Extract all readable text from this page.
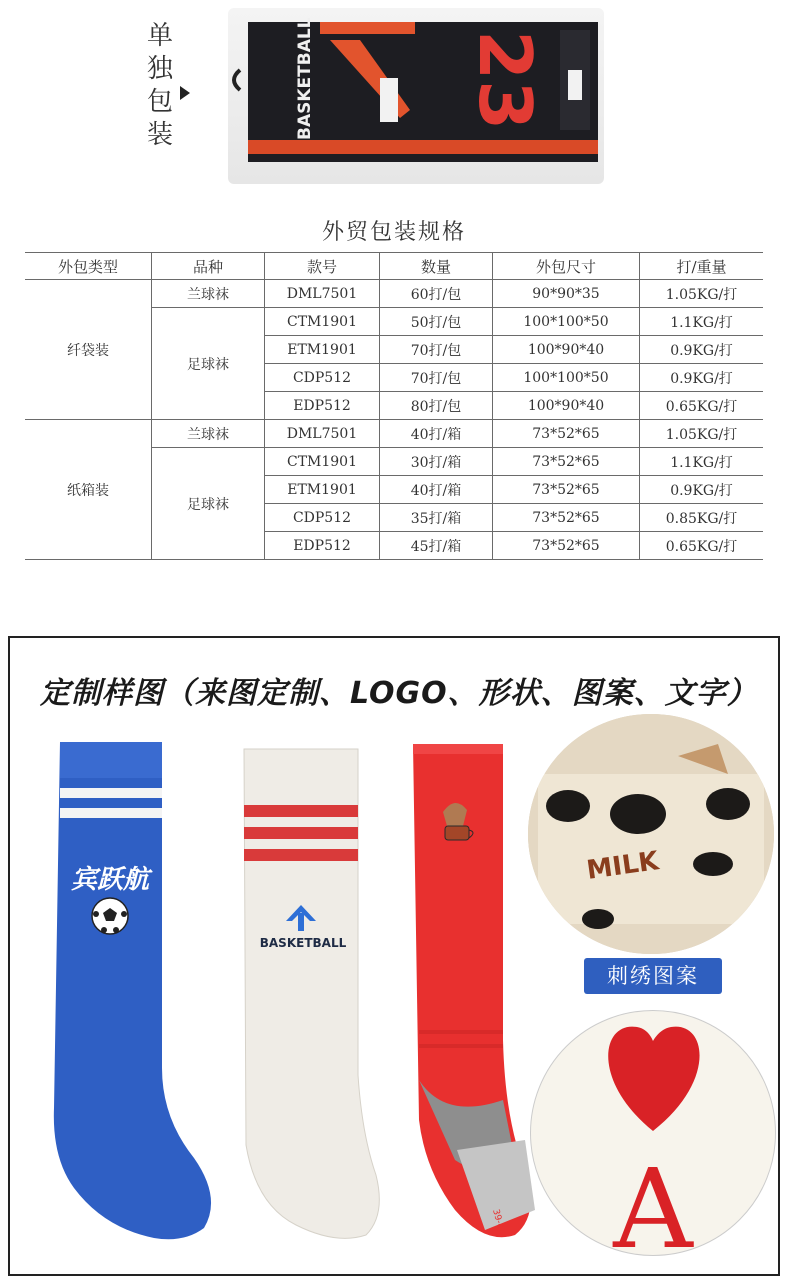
单
独
包
装	BASKETBALL 23
外贸包装规格					
外包类型	品种	款号	数量	外包尺寸	打/重量
纤袋装	兰球袜	DML7501	60打/包	90*90*35	1.05KG/打
	足球袜	CTM1901	50打/包	100*100*50	1.1KG/打
		ETM1901	70打/包	100*90*40	0.9KG/打
		CDP512	70打/包	100*100*50	0.9KG/打
		EDP512	80打/包	100*90*40	0.65KG/打
纸箱装	兰球袜	DML7501	40打/箱	73*52*65	1.05KG/打
	足球袜	CTM1901	30打/箱	73*52*65	1.1KG/打
		ETM1901	40打/箱	73*52*65	0.9KG/打
		CDP512	35打/箱	73*52*65	0.85KG/打
		EDP512	45打/箱	73*52*65	0.65KG/打
定制样图（来图定制、LOGO、形状、图案、文字）
宾跃航
BASKETBALL
39-44
MILK
刺绣图案
A
